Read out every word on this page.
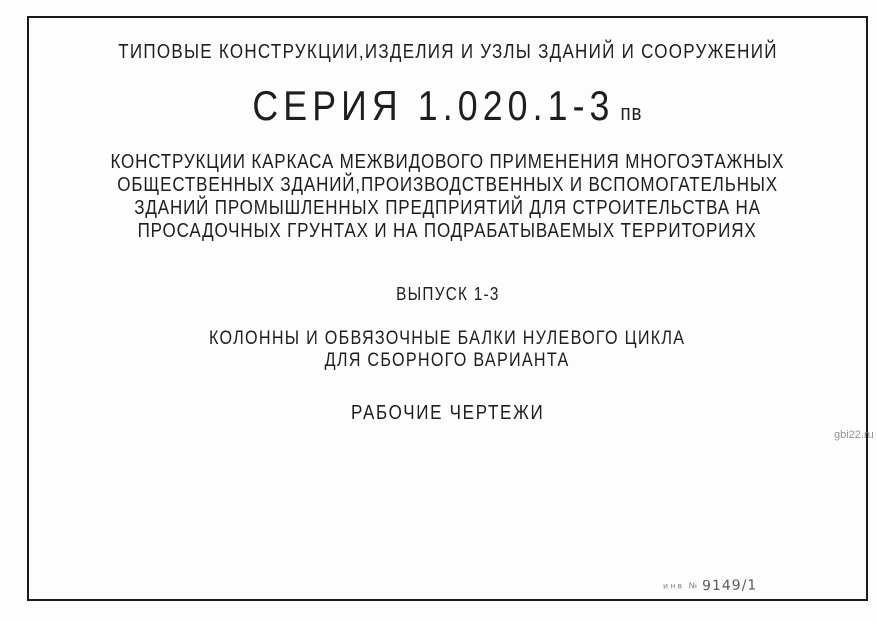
ТИПОВЫЕ КОНСТРУКЦИИ,ИЗДЕЛИЯ И УЗЛЫ ЗДАНИЙ И СООРУЖЕНИЙ
СЕРИЯ 1.020.1-3 пв
КОНСТРУКЦИИ КАРКАСА МЕЖВИДОВОГО ПРИМЕНЕНИЯ МНОГОЭТАЖНЫХ
ОБЩЕСТВЕННЫХ ЗДАНИЙ,ПРОИЗВОДСТВЕННЫХ И ВСПОМОГАТЕЛЬНЫХ
ЗДАНИЙ ПРОМЫШЛЕННЫХ ПРЕДПРИЯТИЙ ДЛЯ СТРОИТЕЛЬСТВА НА
ПРОСАДОЧНЫХ ГРУНТАХ И НА ПОДРАБАТЫВАЕМЫХ ТЕРРИТОРИЯХ
ВЫПУСК 1-3
КОЛОННЫ И ОБВЯЗОЧНЫЕ БАЛКИ НУЛЕВОГО ЦИКЛА
ДЛЯ СБОРНОГО ВАРИАНТА
РАБОЧИЕ ЧЕРТЕЖИ
инв № 9149/1
gbi22.ru
